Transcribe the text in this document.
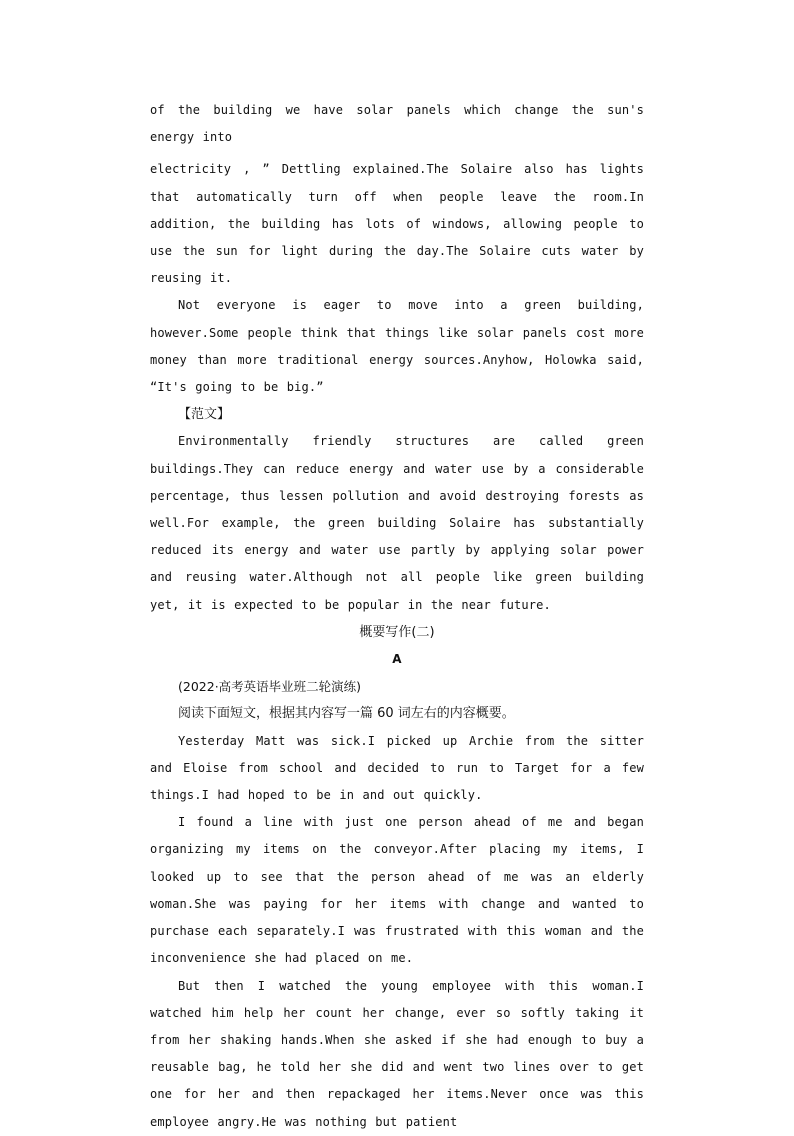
of the building we have solar panels which change the sun's energy into

electricity , ” Dettling explained.The Solaire also has lights that automatically turn off when people leave the room.In addition, the building has lots of windows, allowing people to use the sun for light during the day.The Solaire cuts water by reusing it.

Not everyone is eager to move into a green building, however.Some people think that things like solar panels cost more money than more traditional energy sources.Anyhow, Holowka said, “It's going to be big.”

【范文】

Environmentally friendly structures are called green buildings.They can reduce energy and water use by a considerable percentage, thus lessen pollution and avoid destroying forests as well.For example, the green building Solaire has substantially reduced its energy and water use partly by applying solar power and reusing water.Although not all people like green building yet, it is expected to be popular in the near future.

概要写作(二)

A

(2022·高考英语毕业班二轮演练)

阅读下面短文，根据其内容写一篇 60 词左右的内容概要。

Yesterday Matt was sick.I picked up Archie from the sitter and Eloise from school and decided to run to Target for a few things.I had hoped to be in and out quickly.

I found a line with just one person ahead of me and began organizing my items on the conveyor.After placing my items, I looked up to see that the person ahead of me was an elderly woman.She was paying for her items with change and wanted to purchase each separately.I was frustrated with this woman and the inconvenience she had placed on me.

But then I watched the young employee with this woman.I watched him help her count her change, ever so softly taking it from her shaking hands.When she asked if she had enough to buy a reusable bag, he told her she did and went two lines over to get one for her and then repackaged her items.Never once was this employee angry.He was nothing but patient
